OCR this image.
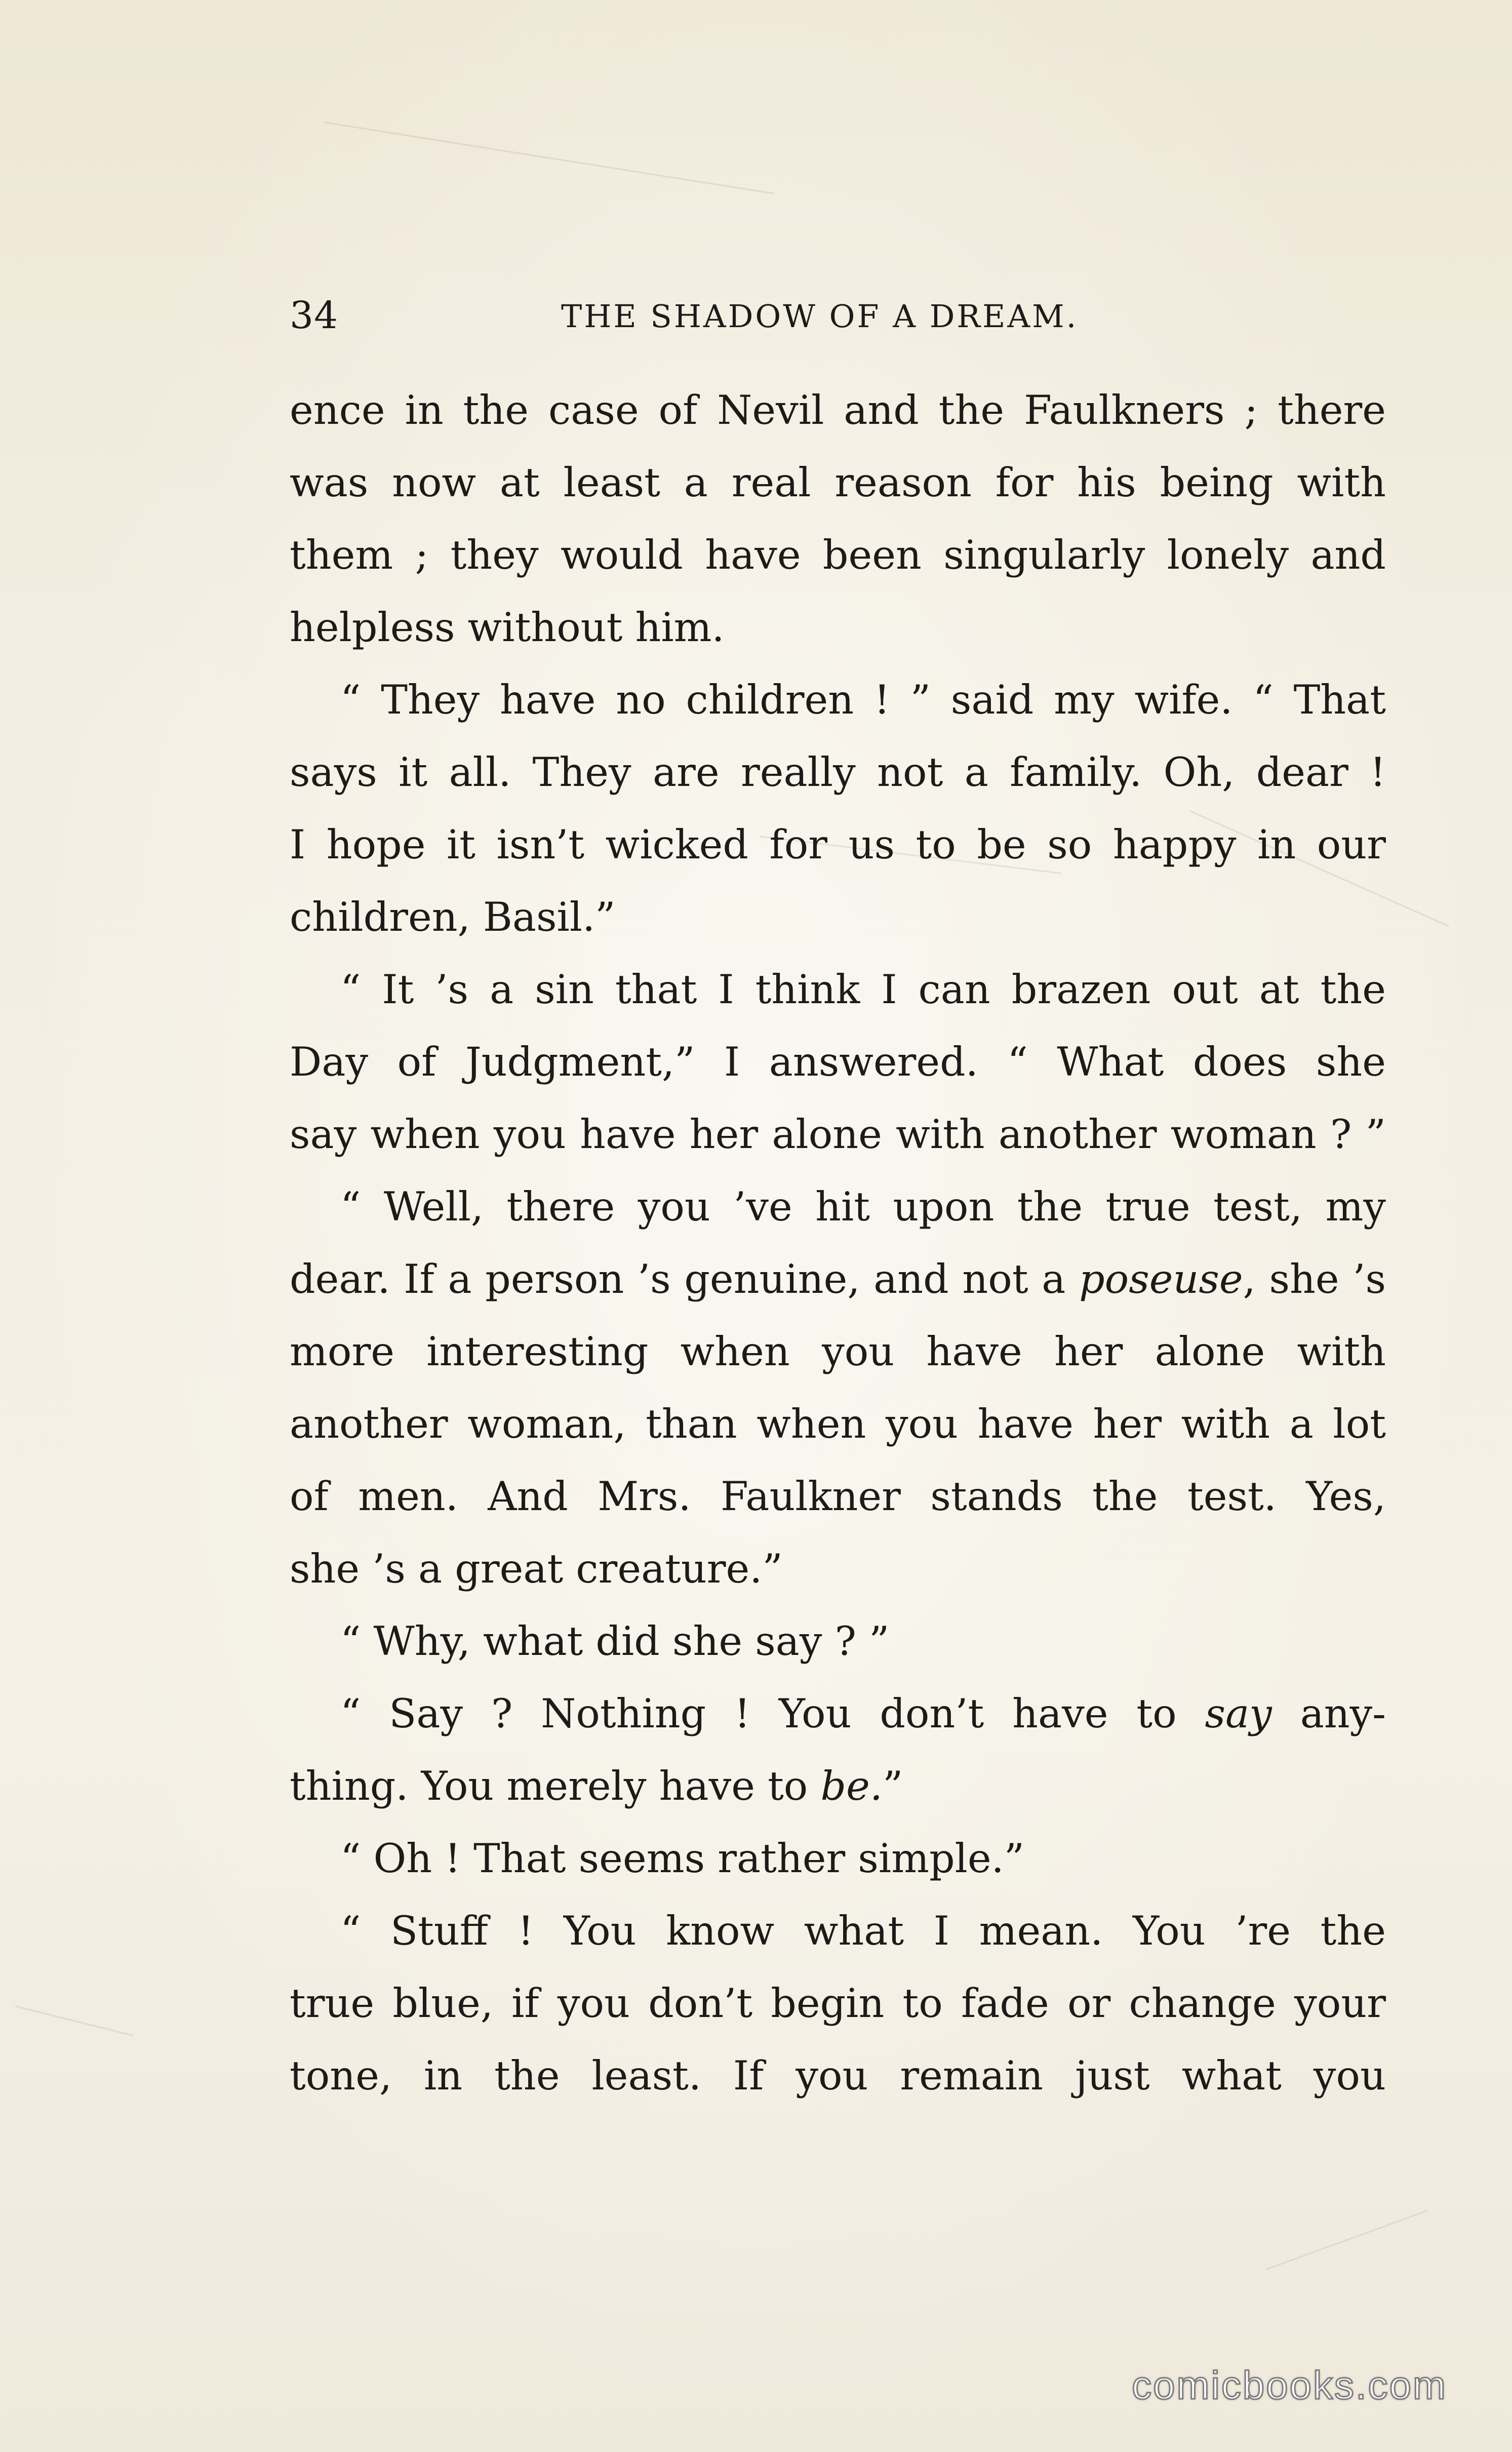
34	THE SHADOW OF A DREAM.
ence in the case of Nevil and the Faulkners ; there
was now at least a real reason for his being with
them ; they would have been singularly lonely and
helpless without him.
“ They have no children ! ” said my wife. “ That
says it all. They are really not a family. Oh, dear !
I hope it isn’t wicked for us to be so happy in our
children, Basil.”
“ It ’s a sin that I think I can brazen out at the
Day of Judgment,” I answered. “ What does she
say when you have her alone with another woman ? ”
“ Well, there you ’ve hit upon the true test, my
dear. If a person ’s genuine, and not a poseuse, she ’s
more interesting when you have her alone with
another woman, than when you have her with a lot
of men. And Mrs. Faulkner stands the test. Yes,
she ’s a great creature.”
“ Why, what did she say ? ”
“ Say ? Nothing ! You don’t have to say any-
thing. You merely have to be.”
“ Oh ! That seems rather simple.”
“ Stuff ! You know what I mean. You ’re the
true blue, if you don’t begin to fade or change your
tone, in the least. If you remain just what you
comicbooks.com
